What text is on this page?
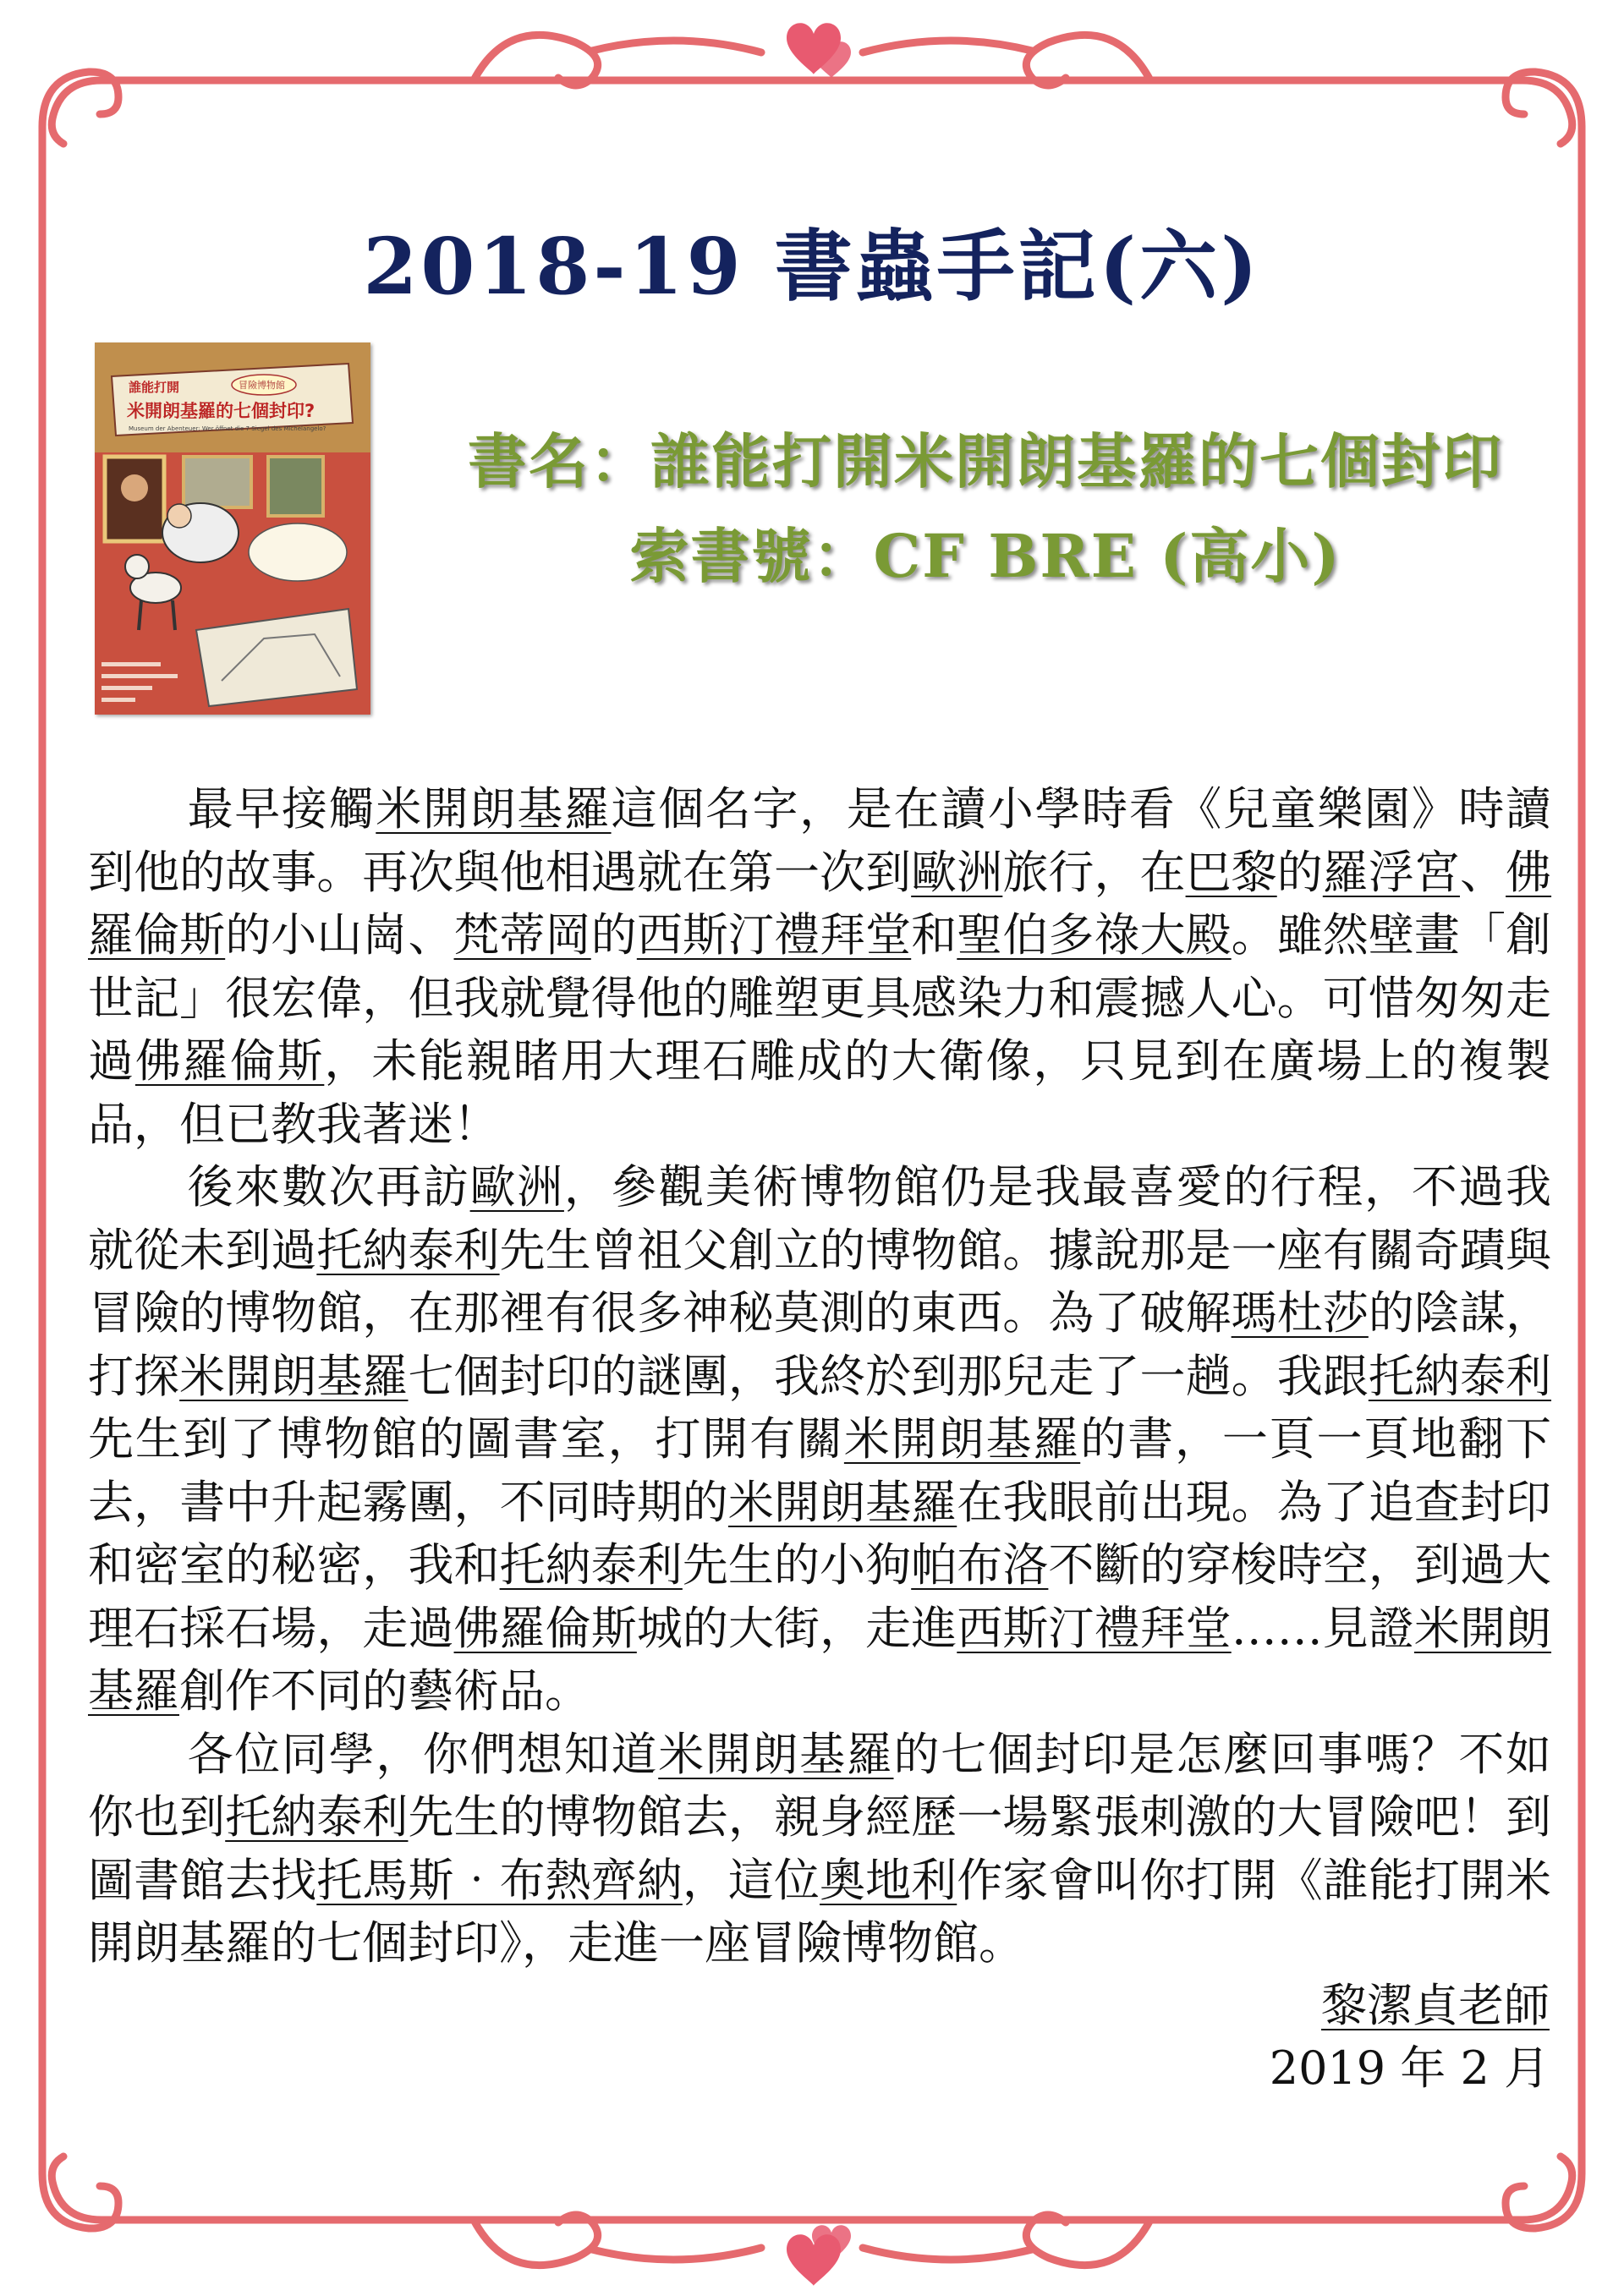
2018-19 書蟲手記(六)
誰能打開
米開朗基羅的七個封印?
冒險博物館
Museum der Abenteuer: Wer öffnet die 7 Siegel des Michelangelo?	書名：誰能打開米開朗基羅的七個封印
索書號：CF BRE (高小)

最早接觸米開朗基羅這個名字，是在讀小學時看《兒童樂園》時讀到他的故事。再次與他相遇就在第一次到歐洲旅行，在巴黎的羅浮宮、佛羅倫斯的小山崗、梵蒂岡的西斯汀禮拜堂和聖伯多祿大殿。雖然壁畫「創世記」很宏偉，但我就覺得他的雕塑更具感染力和震撼人心。可惜匆匆走過佛羅倫斯，未能親睹用大理石雕成的大衛像，只見到在廣場上的複製品，但已教我著迷！

後來數次再訪歐洲，參觀美術博物館仍是我最喜愛的行程，不過我就從未到過托納泰利先生曾祖父創立的博物館。據說那是一座有關奇蹟與冒險的博物館，在那裡有很多神秘莫測的東西。為了破解瑪杜莎的陰謀，打探米開朗基羅七個封印的謎團，我終於到那兒走了一趟。我跟托納泰利先生到了博物館的圖書室，打開有關米開朗基羅的書，一頁一頁地翻下去，書中升起霧團，不同時期的米開朗基羅在我眼前出現。為了追查封印和密室的秘密，我和托納泰利先生的小狗帕布洛不斷的穿梭時空，到過大理石採石場，走過佛羅倫斯城的大街，走進西斯汀禮拜堂……見證米開朗基羅創作不同的藝術品。

各位同學，你們想知道米開朗基羅的七個封印是怎麼回事嗎？不如你也到托納泰利先生的博物館去，親身經歷一場緊張刺激的大冒險吧！到圖書館去找托馬斯‧布熱齊納，這位奧地利作家會叫你打開《誰能打開米開朗基羅的七個封印》，走進一座冒險博物館。

黎潔貞老師
2019 年 2 月
